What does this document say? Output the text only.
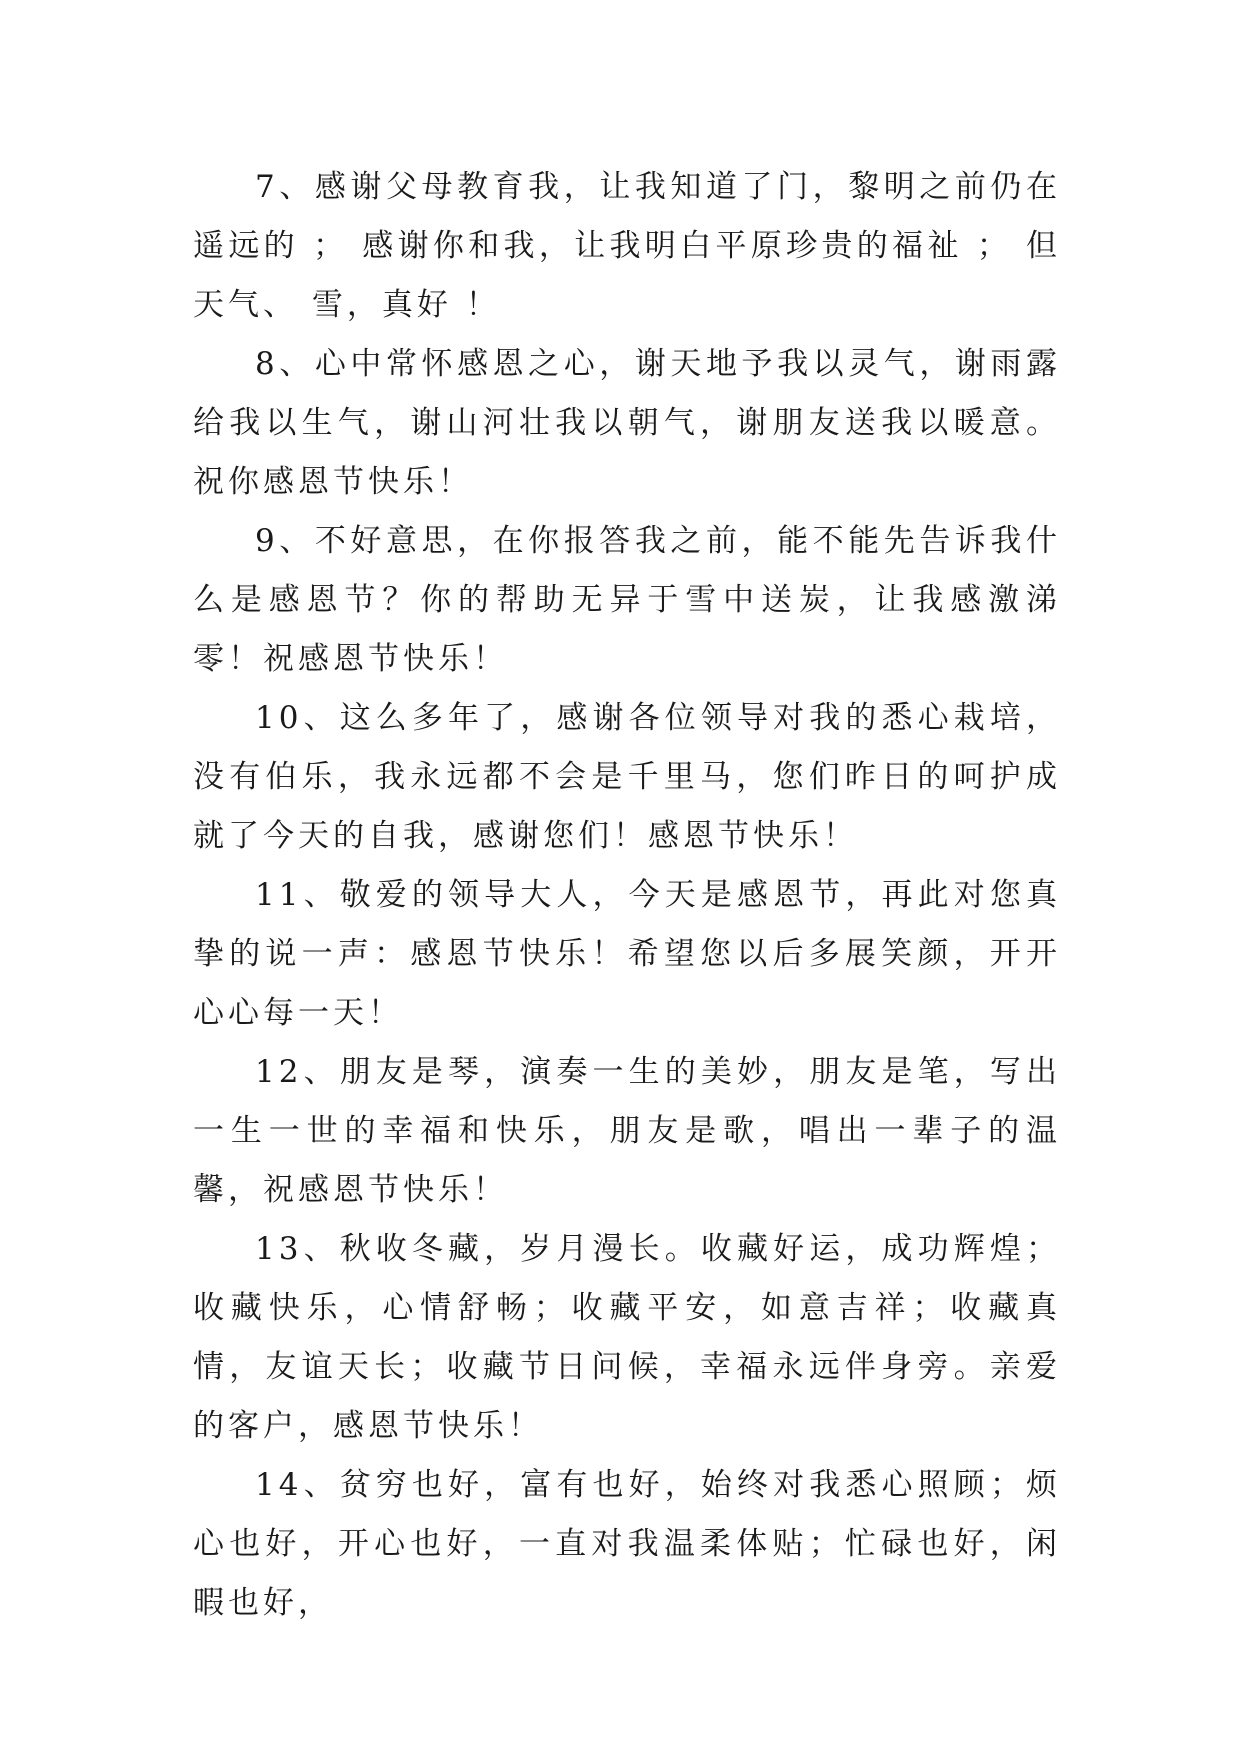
7、感谢父母教育我，让我知道了门，黎明之前仍在遥远的 ； 感谢你和我，让我明白平原珍贵的福祉 ； 但 天气、 雪，真好 ！

8、心中常怀感恩之心，谢天地予我以灵气，谢雨露给我以生气，谢山河壮我以朝气，谢朋友送我以暖意。祝你感恩节快乐！

9、不好意思，在你报答我之前，能不能先告诉我什么是感恩节？你的帮助无异于雪中送炭，让我感激涕零！祝感恩节快乐！

10、这么多年了，感谢各位领导对我的悉心栽培，没有伯乐，我永远都不会是千里马，您们昨日的呵护成就了今天的自我，感谢您们！感恩节快乐！

11、敬爱的领导大人，今天是感恩节，再此对您真挚的说一声：感恩节快乐！希望您以后多展笑颜，开开心心每一天！

12、朋友是琴，演奏一生的美妙，朋友是笔，写出一生一世的幸福和快乐，朋友是歌，唱出一辈子的温馨，祝感恩节快乐！

13、秋收冬藏，岁月漫长。收藏好运，成功辉煌；收藏快乐，心情舒畅；收藏平安，如意吉祥；收藏真情，友谊天长；收藏节日问候，幸福永远伴身旁。亲爱的客户，感恩节快乐！

14、贫穷也好，富有也好，始终对我悉心照顾；烦心也好，开心也好，一直对我温柔体贴；忙碌也好，闲暇也好，
